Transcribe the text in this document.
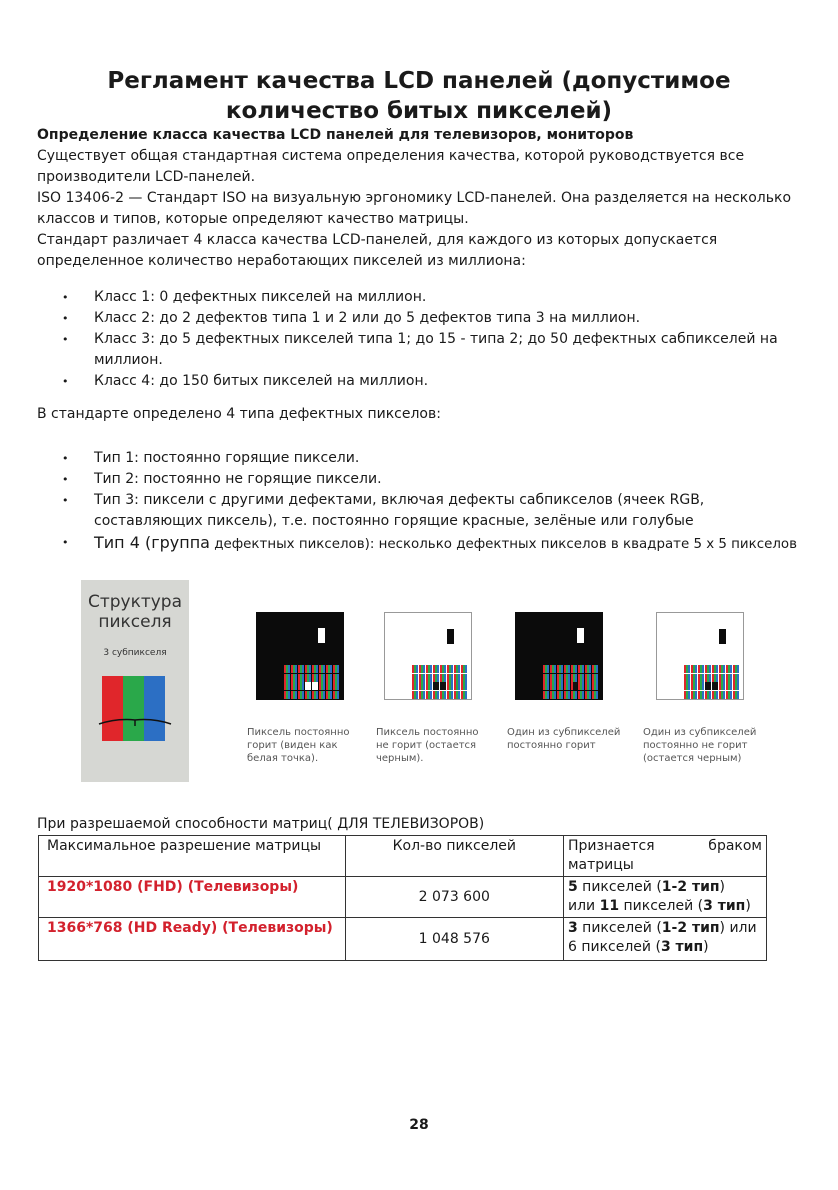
Регламент качества LCD панелей (допустимое количество битых пикселей)

Определение класса качества LCD панелей для телевизоров, мониторов

Существует общая стандартная система определения качества, которой руководствуется все производители LCD-панелей.

ISO 13406-2 — Стандарт ISO на визуальную эргономику LCD-панелей. Она разделяется на несколько классов и типов, которые определяют качество матрицы.

Стандарт различает 4 класса качества LCD-панелей, для каждого из которых допускается определенное количество неработающих пикселей из миллиона:

• Класс 1: 0 дефектных пикселей на миллион.
• Класс 2: до 2 дефектов типа 1 и 2 или до 5 дефектов типа 3 на миллион.
• Класс 3: до 5 дефектных пикселей типа 1; до 15 - типа 2; до 50 дефектных сабпикселей на миллион.
• Класс 4: до 150 битых пикселей на миллион.

В стандарте определено 4 типа дефектных пикселов:

• Тип 1: постоянно горящие пиксели.
• Тип 2: постоянно не горящие пиксели.
• Тип 3: пиксели с другими дефектами, включая дефекты сабпикселов (ячеек RGB, составляющих пиксель), т.е. постоянно горящие красные, зелёные или голубые
• Тип 4 (группа дефектных пикселов): несколько дефектных пикселов в квадрате 5 х 5 пикселов
Структура
пикселя
3 субпикселя
Пиксель постоянно горит (виден как белая точка).
Пиксель постоянно не горит (остается черным).
Один из субпикселей постоянно горит
Один из субпикселей постоянно не горит (остается черным)
При разрешаемой способности матриц( ДЛЯ ТЕЛЕВИЗОРОВ)
Максимальное разрешение матрицы	Кол-во пикселей	Признается браком матрицы
1920*1080 (FHD) (Телевизоры)	2 073 600	5 пикселей (1-2 тип)
или 11 пикселей (3 тип)
1366*768 (HD Ready) (Телевизоры)	1 048 576	3 пикселей (1-2 тип) или
6 пикселей (3 тип)
28
